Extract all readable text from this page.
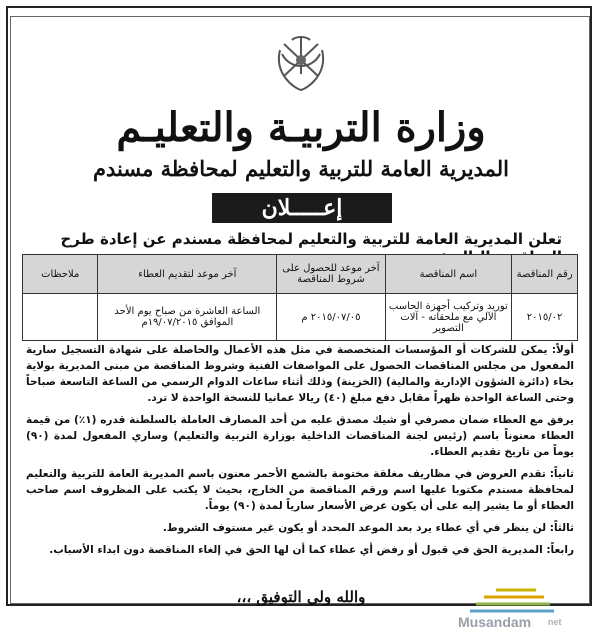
وزارة التربيـة والتعليـم
المديرية العامة للتربية والتعليم لمحافظة مسندم
إعـــــلان
تعلن المديرية العامة للتربية والتعليم لمحافظة مسندم عن إعادة طرح
رقم المناقصة	اسم المناقصة	آخر موعد للحصول على شروط المناقصة	آخر موعد لتقديم العطاء	ملاحظات
٢٠١٥/٠٢	توريد وتركيب أجهزة الحاسب الآلي مع ملحقاته - آلات التصوير	٢٠١٥/٠٧/٠٥ م	الساعة العاشرة من صباح يوم الأحد الموافق ١٩/٠٧/٢٠١٥م	

أولاً: يمكن للشركات أو المؤسسات المتخصصة في مثل هذه الأعمال والحاصلة على شهادة التسجيل سارية المفعول من مجلس المناقصات الحصول على المواصفات الفنية وشروط المناقصة من مبنى المديرية بولاية بخاء (دائرة الشؤون الإدارية والمالية) (الخزينة) وذلك أثناء ساعات الدوام الرسمي من الساعة التاسعة صباحاً وحتى الساعة الواحدة ظهراً مقابل دفع مبلغ (٤٠) ريالا عمانيا للنسخة الواحدة لا ترد.

يرفق مع العطاء ضمان مصرفي أو شيك مصدق عليه من أحد المصارف العاملة بالسلطنة قدره (١٪) من قيمة العطاء معنوناً باسم (رئيس لجنة المناقصات الداخلية بوزارة التربية والتعليم) وساري المفعول لمدة (٩٠) يوماً من تاريخ تقديم العطاء.

ثانياً: تقدم العروض في مظاريف مغلقة مختومة بالشمع الأحمر معنون باسم المديرية العامة للتربية والتعليم لمحافظة مسندم مكتوبا عليها اسم ورقم المناقصة من الخارج، بحيث لا يكتب على المظروف اسم صاحب العطاء أو ما يشير إليه على أن يكون عرض الأسعار سارياً لمدة (٩٠) يوماً.

ثالثاً: لن ينظر في أي عطاء يرد بعد الموعد المحدد أو يكون غير مستوف الشروط.

رابعاً: المديرية الحق في قبول أو رفض أي عطاء كما أن لها الحق في إلغاء المناقصة دون ابداء الأسباب.

والله ولي التوفيق ،،،
Musandam net
